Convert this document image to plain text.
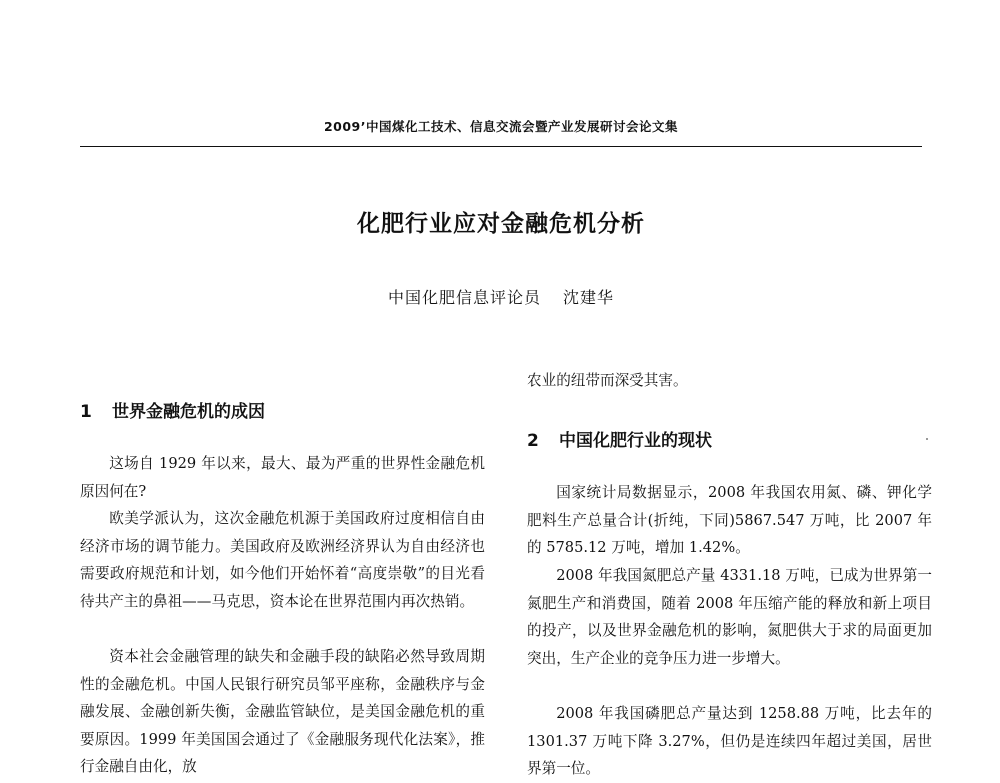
2009’中国煤化工技术、信息交流会暨产业发展研讨会论文集
化肥行业应对金融危机分析
中国化肥信息评论员 沈建华
1 世界金融危机的成因

这场自 1929 年以来，最大、最为严重的世界性金融危机原因何在?

欧美学派认为，这次金融危机源于美国政府过度相信自由经济市场的调节能力。美国政府及欧洲经济界认为自由经济也需要政府规范和计划，如今他们开始怀着“高度崇敬”的目光看待共产主的鼻祖——马克思，资本论在世界范围内再次热销。

资本社会金融管理的缺失和金融手段的缺陷必然导致周期性的金融危机。中国人民银行研究员邹平座称，金融秩序与金融发展、金融创新失衡，金融监管缺位，是美国金融危机的重要原因。1999 年美国国会通过了《金融服务现代化法案》，推行金融自由化，放

农业的纽带而深受其害。

2 中国化肥行业的现状

国家统计局数据显示，2008 年我国农用氮、磷、钾化学肥料生产总量合计(折纯，下同)5867.547 万吨，比 2007 年的 5785.12 万吨，增加 1.42%。

2008 年我国氮肥总产量 4331.18 万吨，已成为世界第一氮肥生产和消费国，随着 2008 年压缩产能的释放和新上项目的投产，以及世界金融危机的影响，氮肥供大于求的局面更加突出，生产企业的竞争压力进一步增大。

2008 年我国磷肥总产量达到 1258.88 万吨，比去年的 1301.37 万吨下降 3.27%，但仍是连续四年超过美国，居世界第一位。
